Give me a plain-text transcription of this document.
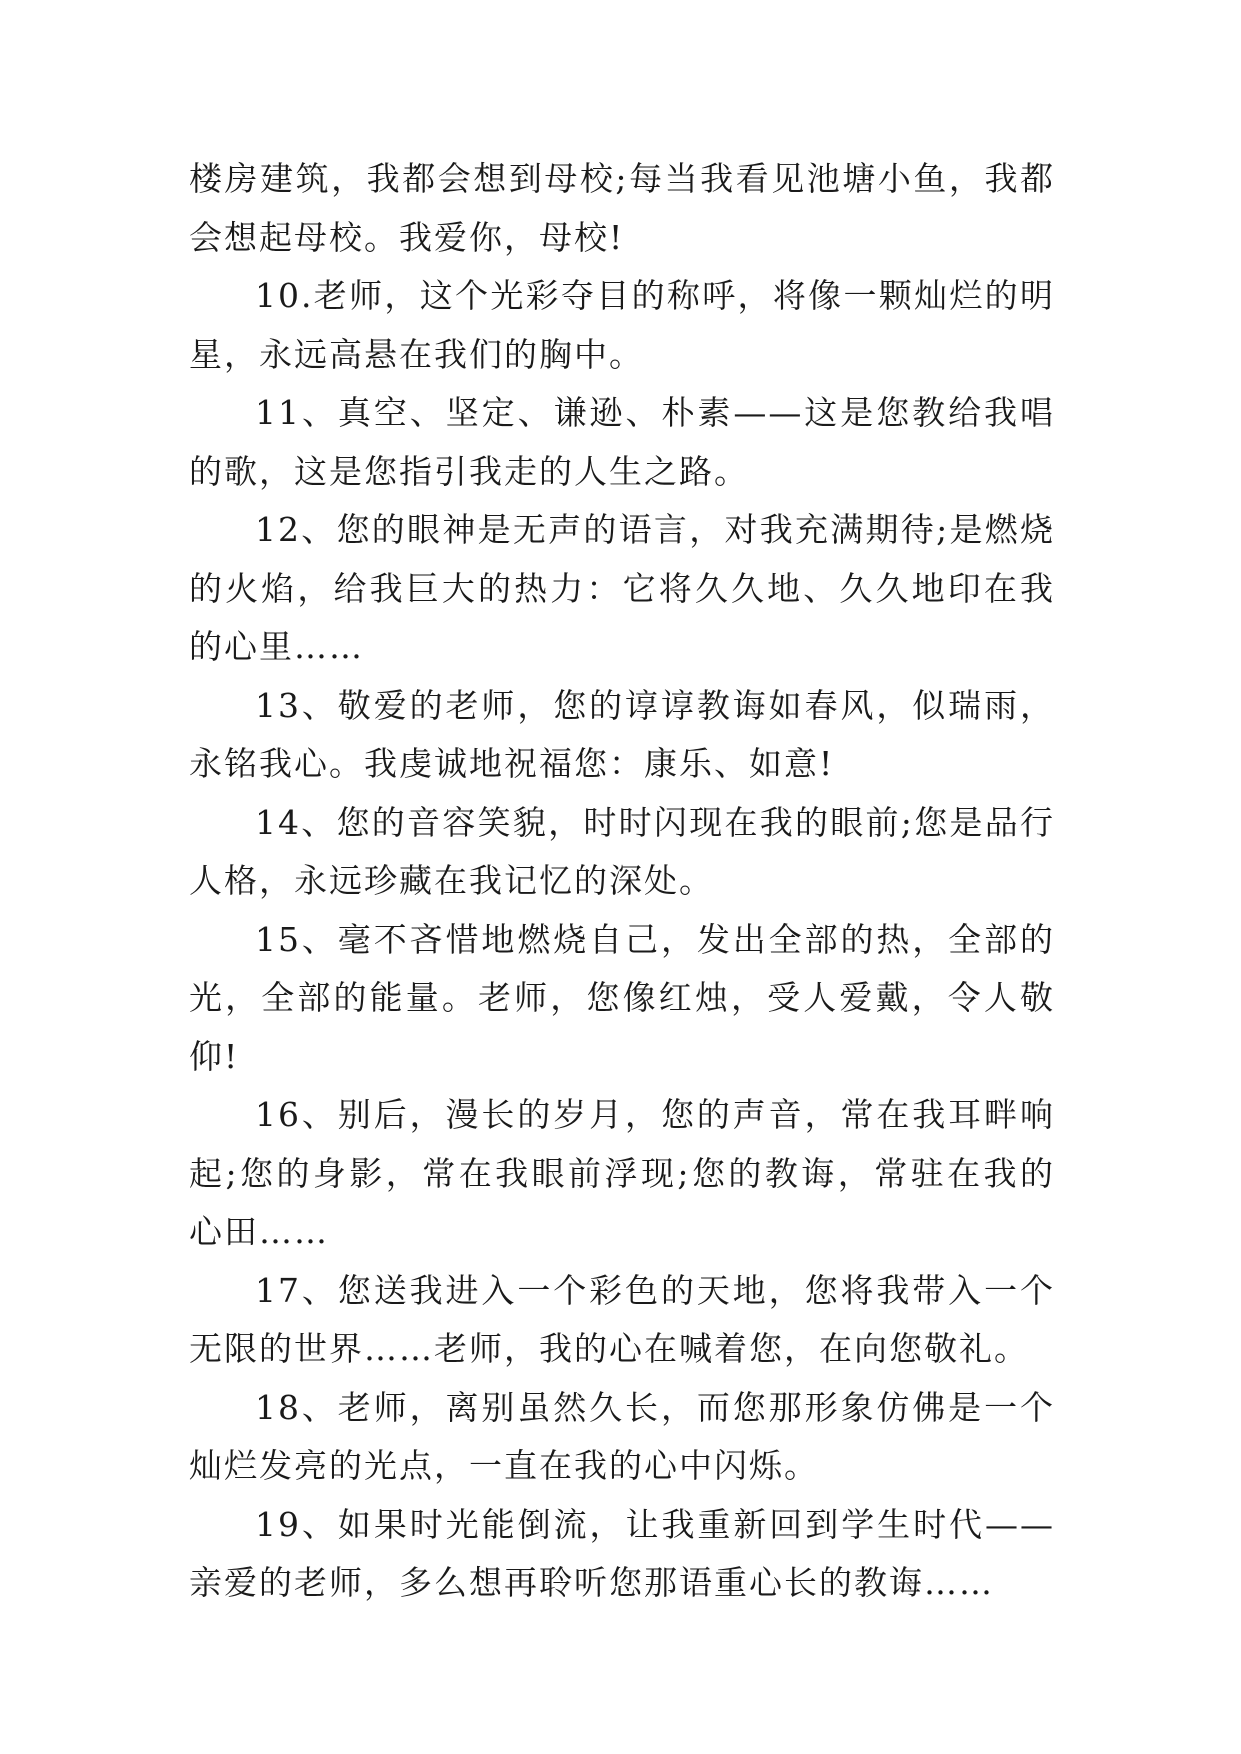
楼房建筑，我都会想到母校;每当我看见池塘小鱼，我都会想起母校。我爱你，母校!

10.老师，这个光彩夺目的称呼，将像一颗灿烂的明星，永远高悬在我们的胸中。

11、真空、坚定、谦逊、朴素——这是您教给我唱的歌，这是您指引我走的人生之路。

12、您的眼神是无声的语言，对我充满期待;是燃烧的火焰，给我巨大的热力：它将久久地、久久地印在我的心里……

13、敬爱的老师，您的谆谆教诲如春风，似瑞雨，永铭我心。我虔诚地祝福您：康乐、如意!

14、您的音容笑貌，时时闪现在我的眼前;您是品行人格，永远珍藏在我记忆的深处。

15、毫不吝惜地燃烧自己，发出全部的热，全部的光，全部的能量。老师，您像红烛，受人爱戴，令人敬仰!

16、别后，漫长的岁月，您的声音，常在我耳畔响起;您的身影，常在我眼前浮现;您的教诲，常驻在我的心田……

17、您送我进入一个彩色的天地，您将我带入一个无限的世界……老师，我的心在喊着您，在向您敬礼。

18、老师，离别虽然久长，而您那形象仿佛是一个灿烂发亮的光点，一直在我的心中闪烁。

19、如果时光能倒流，让我重新回到学生时代——亲爱的老师，多么想再聆听您那语重心长的教诲……
